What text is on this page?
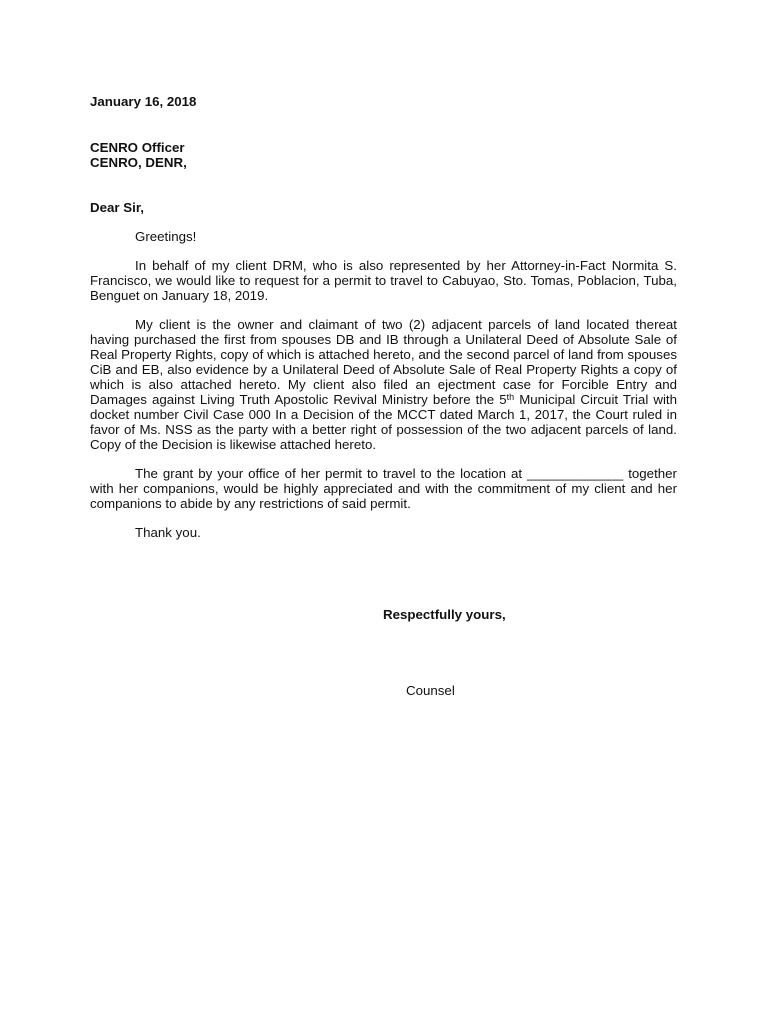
January 16, 2018
CENRO Officer
CENRO, DENR,
Dear Sir,

Greetings!

In behalf of my client DRM, who is also represented by her Attorney-in-Fact Normita S. Francisco, we would like to request for a permit to travel to Cabuyao, Sto. Tomas, Poblacion, Tuba, Benguet on January 18, 2019.

My client is the owner and claimant of two (2) adjacent parcels of land located thereat having purchased the first from spouses DB and IB through a Unilateral Deed of Absolute Sale of Real Property Rights, copy of which is attached hereto, and the second parcel of land from spouses CiB and EB, also evidence by a Unilateral Deed of Absolute Sale of Real Property Rights a copy of which is also attached hereto. My client also filed an ejectment case for Forcible Entry and Damages against Living Truth Apostolic Revival Ministry before the 5th Municipal Circuit Trial with docket number Civil Case 000 In a Decision of the MCCT dated March 1, 2017, the Court ruled in favor of Ms. NSS as the party with a better right of possession of the two adjacent parcels of land. Copy of the Decision is likewise attached hereto.

The grant by your office of her permit to travel to the location at _____________ together with her companions, would be highly appreciated and with the commitment of my client and her companions to abide by any restrictions of said permit.

Thank you.

Respectfully yours,
Counsel
